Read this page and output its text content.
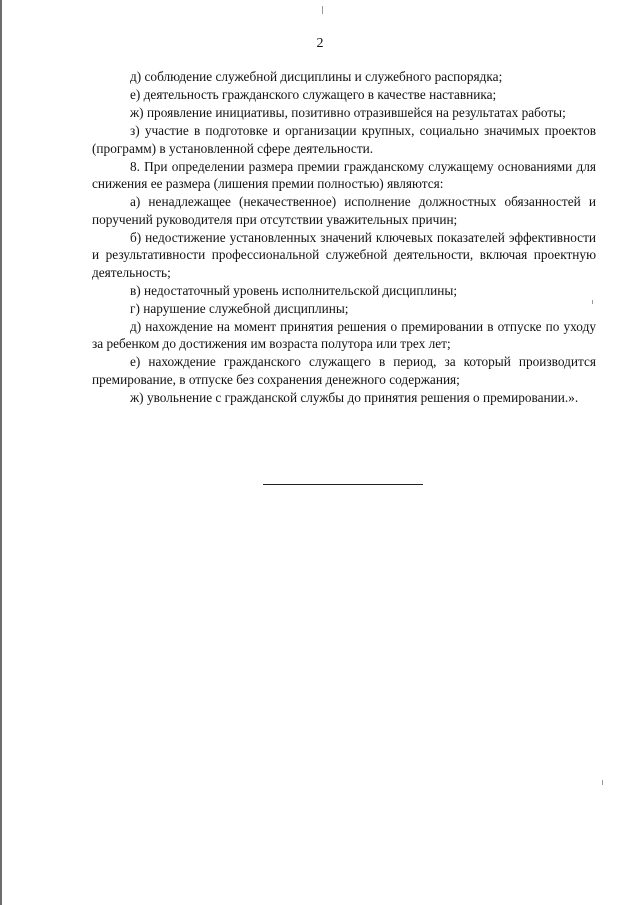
2

д) соблюдение служебной дисциплины и служебного распорядка;

е) деятельность гражданского служащего в качестве наставника;

ж) проявление инициативы, позитивно отразившейся на результатах работы;

з) участие в подготовке и организации крупных, социально значимых проектов (программ) в установленной сфере деятельности.

8. При определении размера премии гражданскому служащему основаниями для снижения ее размера (лишения премии полностью) являются:

а) ненадлежащее (некачественное) исполнение должностных обязанностей и поручений руководителя при отсутствии уважительных причин;

б) недостижение установленных значений ключевых показателей эффективности и результативности профессиональной служебной деятельности, включая проектную деятельность;

в) недостаточный уровень исполнительской дисциплины;

г) нарушение служебной дисциплины;

д) нахождение на момент принятия решения о премировании в отпуске по уходу за ребенком до достижения им возраста полутора или трех лет;

е) нахождение гражданского служащего в период, за который производится премирование, в отпуске без сохранения денежного содержания;

ж) увольнение с гражданской службы до принятия решения о премировании.».
